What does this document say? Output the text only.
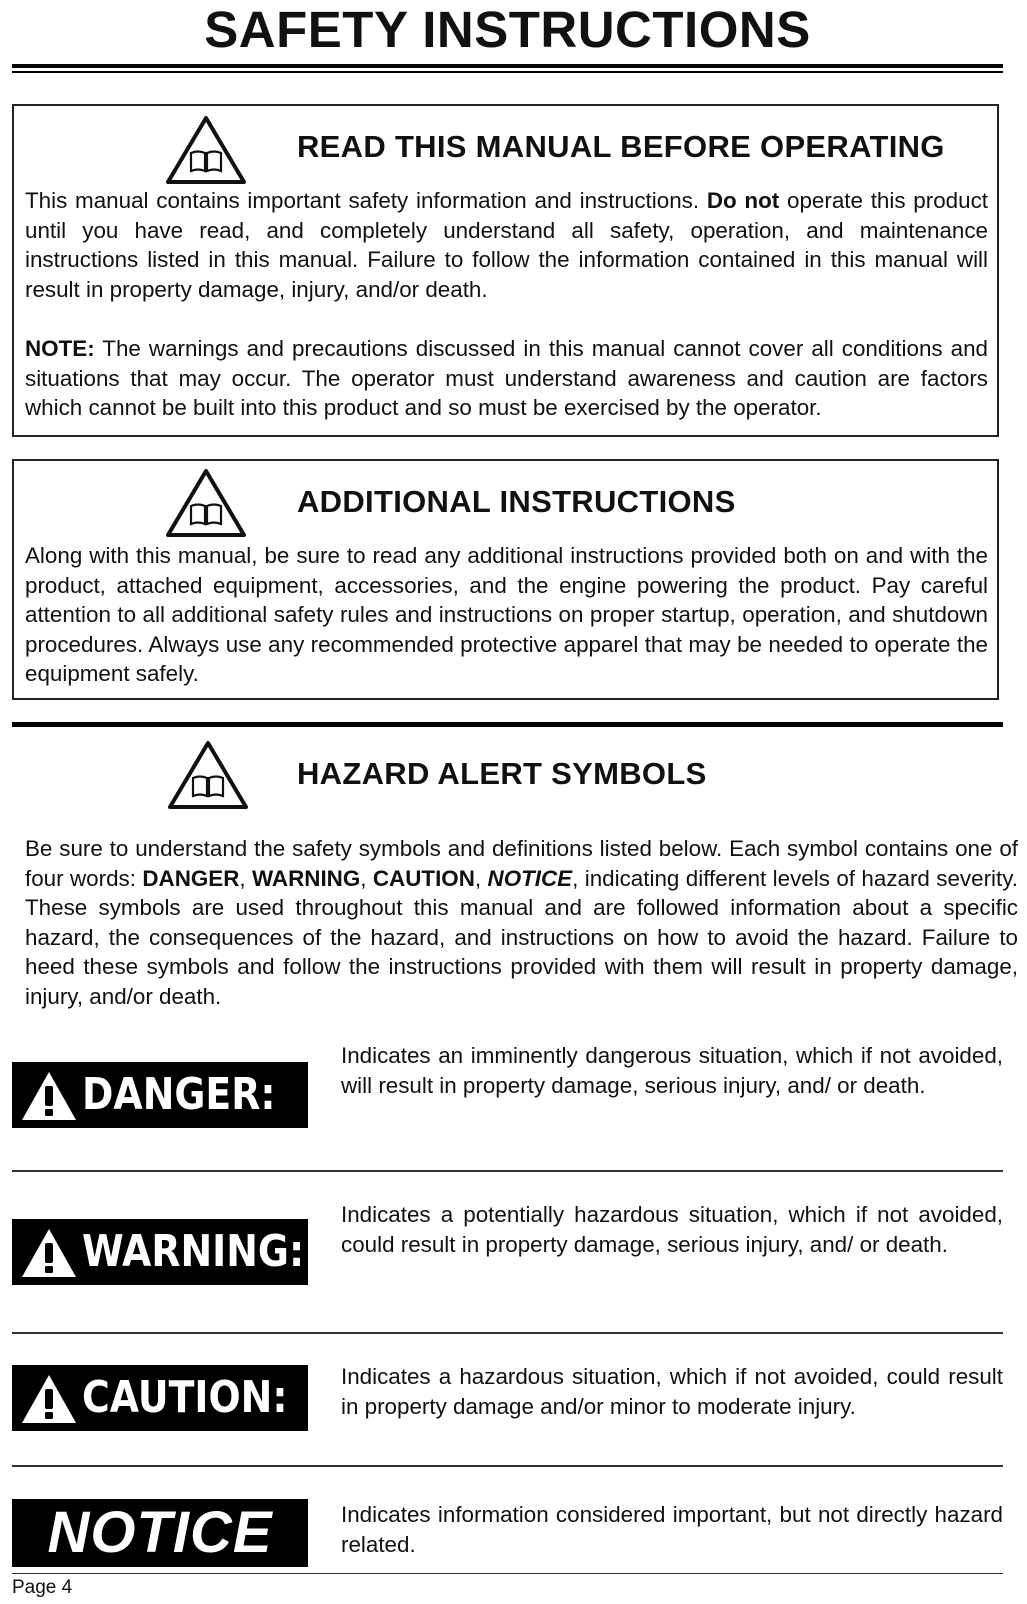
SAFETY INSTRUCTIONS
READ THIS MANUAL BEFORE OPERATING

This manual contains important safety information and instructions. Do not operate this product until you have read, and completely understand all safety, operation, and maintenance instructions listed in this manual. Failure to follow the information contained in this manual will result in property damage, injury, and/or death.

NOTE: The warnings and precautions discussed in this manual cannot cover all conditions and situations that may occur. The operator must understand awareness and caution are factors which cannot be built into this product and so must be exercised by the operator.

ADDITIONAL INSTRUCTIONS

Along with this manual, be sure to read any additional instructions provided both on and with the product, attached equipment, accessories, and the engine powering the product. Pay careful attention to all additional safety rules and instructions on proper startup, operation, and shutdown procedures. Always use any recommended protective apparel that may be needed to operate the equipment safely.

HAZARD ALERT SYMBOLS

Be sure to understand the safety symbols and definitions listed below. Each symbol contains one of four words: DANGER, WARNING, CAUTION, NOTICE, indicating different levels of hazard severity. These symbols are used throughout this manual and are followed information about a specific hazard, the consequences of the hazard, and instructions on how to avoid the hazard. Failure to heed these symbols and follow the instructions provided with them will result in property damage, injury, and/or death.

DANGER:

Indicates an imminently dangerous situation, which if not avoided, will result in property damage, serious injury, and/ or death.

WARNING:

Indicates a potentially hazardous situation, which if not avoided, could result in property damage, serious injury, and/ or death.

CAUTION: Indicates a hazardous situation, which if not avoided, could result in property damage and/or minor to moderate injury.

NOTICE	Indicates information considered important, but not directly hazard related.

Page 4
